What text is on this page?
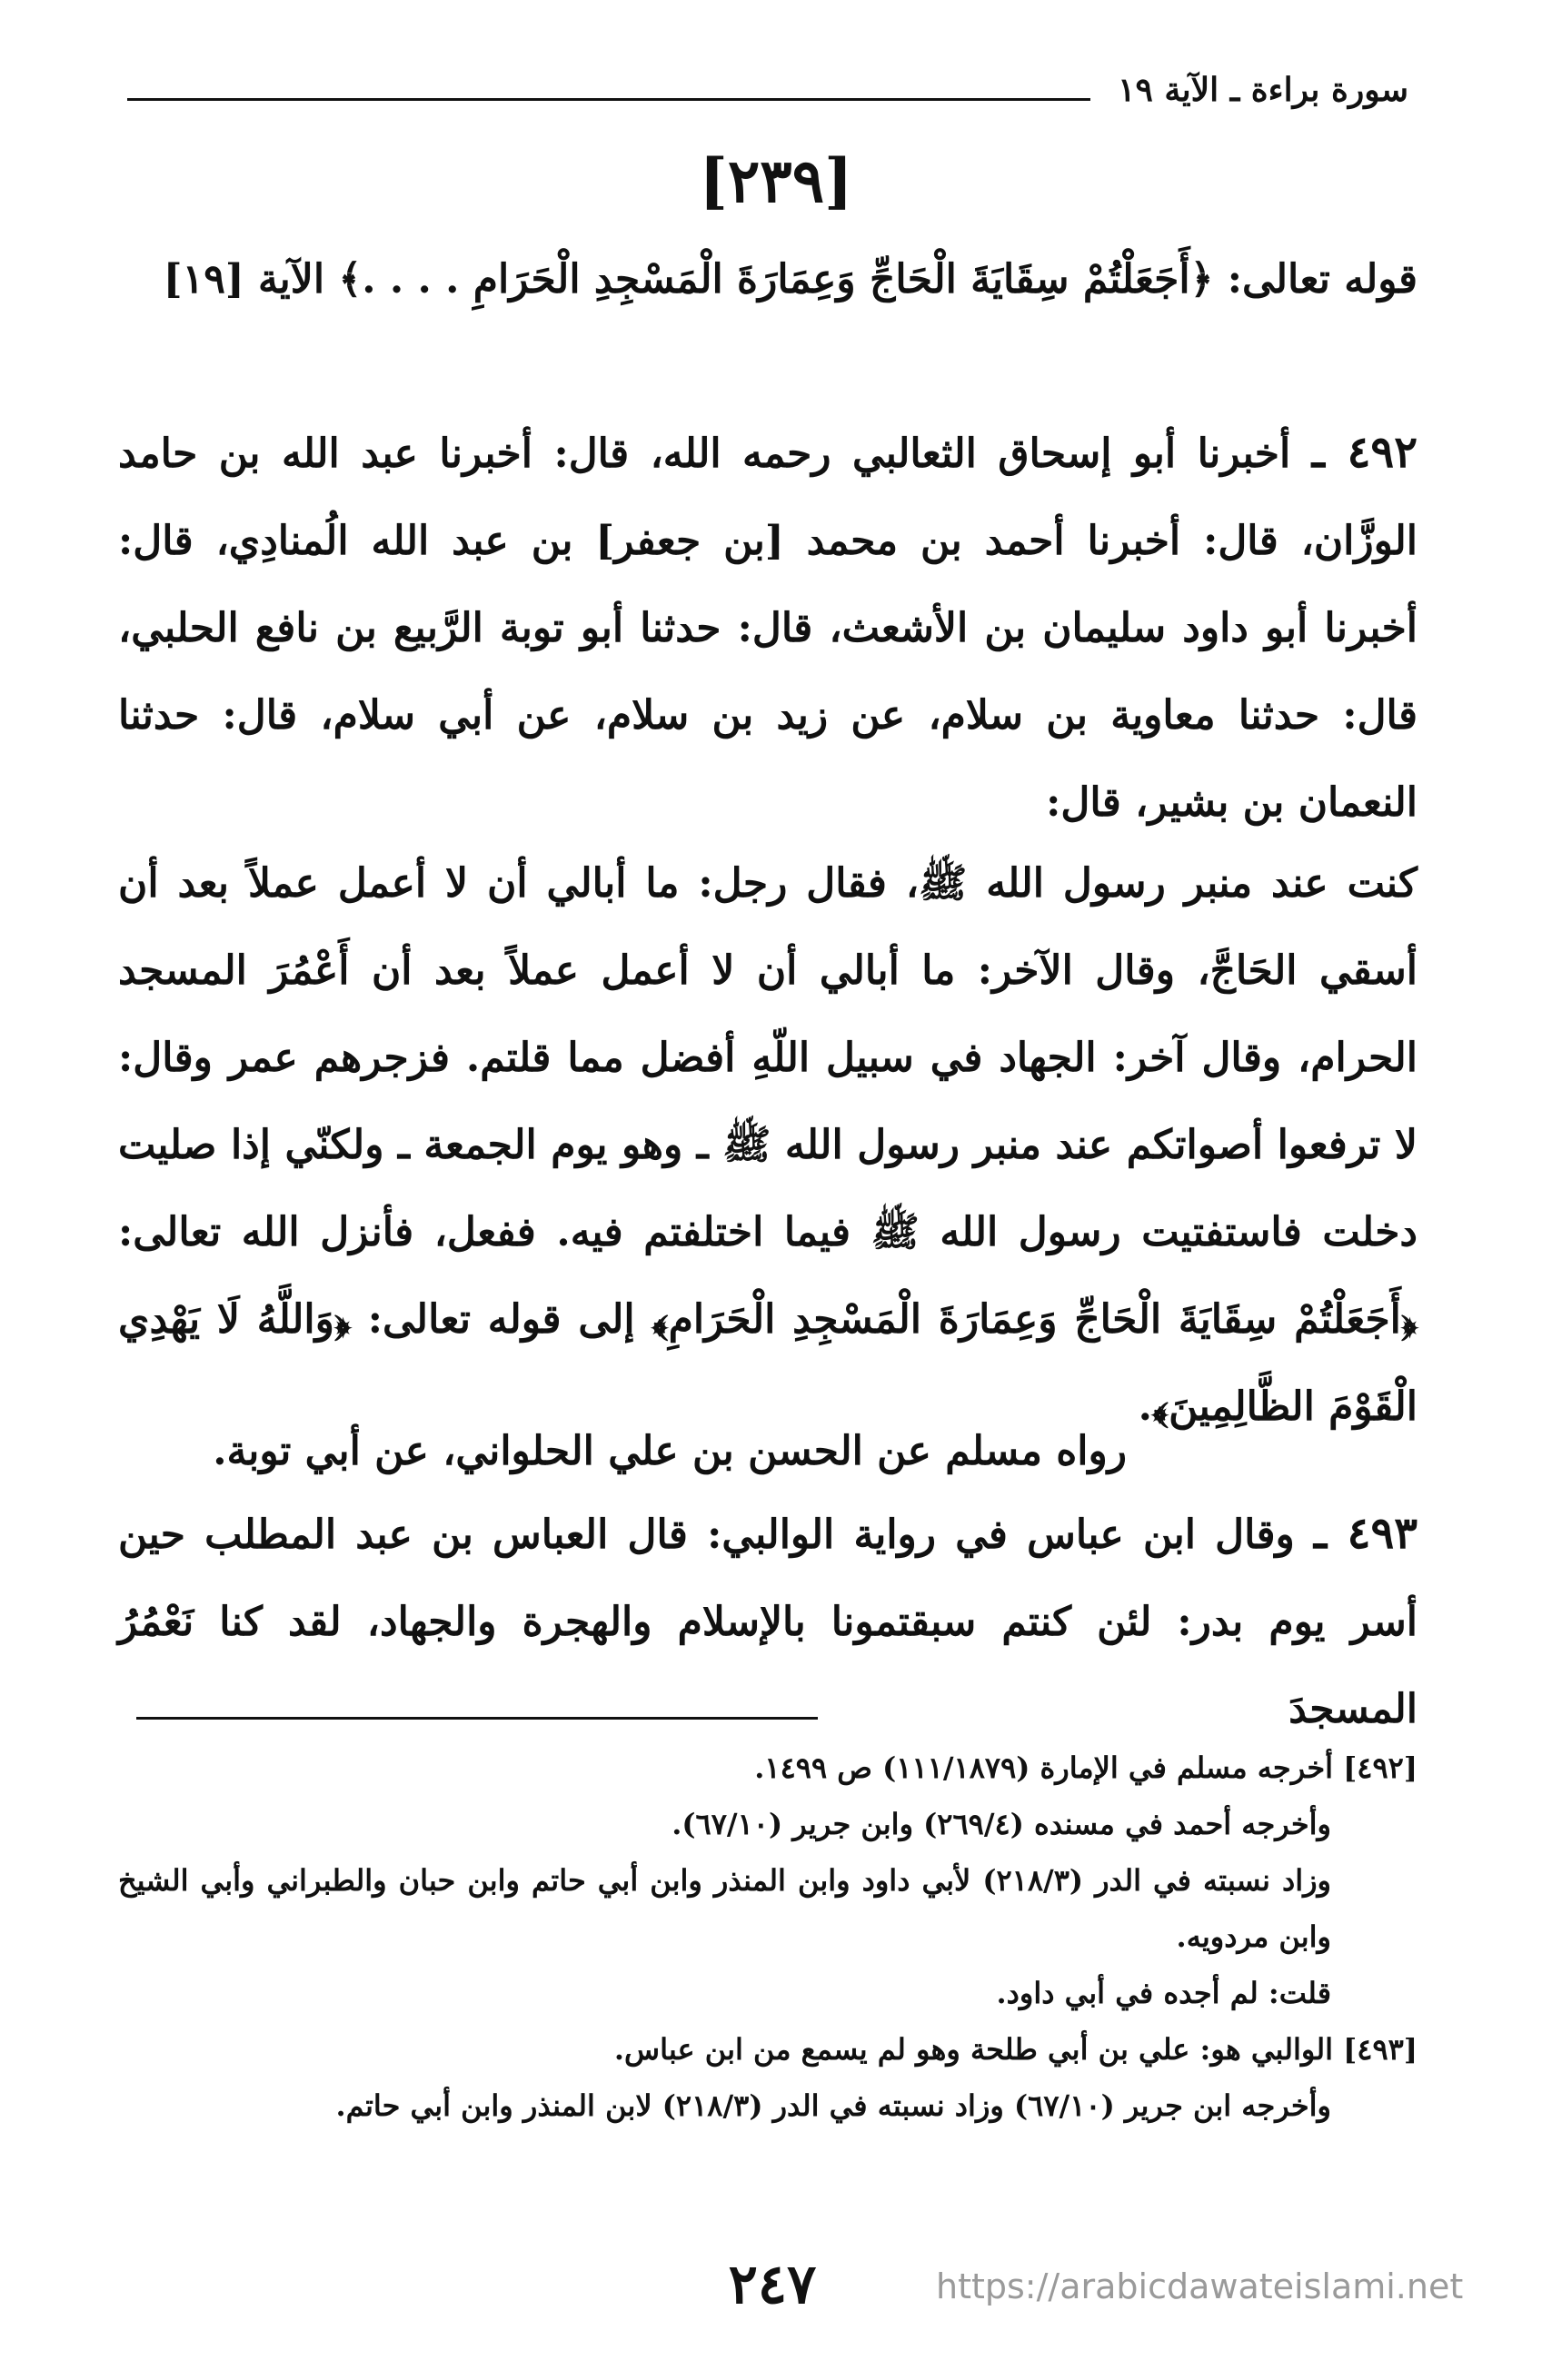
سورة براءة ـ الآية ١٩
[٢٣٩]
قوله تعالى: ﴿أَجَعَلْتُمْ سِقَايَةَ الْحَاجِّ وَعِمَارَةَ الْمَسْجِدِ الْحَرَامِ . . . .﴾ الآية [١٩]
٤٩٢ ـ أخبرنا أبو إسحاق الثعالبي رحمه الله، قال: أخبرنا عبد الله بن حامد الوزَّان، قال: أخبرنا أحمد بن محمد [بن جعفر] بن عبد الله الُمنادِي، قال: أخبرنا أبو داود سليمان بن الأشعث، قال: حدثنا أبو توبة الرَّبيع بن نافع الحلبي، قال: حدثنا معاوية بن سلام، عن زيد بن سلام، عن أبي سلام، قال: حدثنا النعمان بن بشير، قال:
كنت عند منبر رسول الله ﷺ، فقال رجل: ما أبالي أن لا أعمل عملاً بعد أن أسقي الحَاجَّ، وقال الآخر: ما أبالي أن لا أعمل عملاً بعد أن أَعْمُرَ المسجد الحرام، وقال آخر: الجهاد في سبيل اللّهِ أفضل مما قلتم. فزجرهم عمر وقال: لا ترفعوا أصواتكم عند منبر رسول الله ﷺ ـ وهو يوم الجمعة ـ ولكنّي إذا صليت دخلت فاستفتيت رسول الله ﷺ فيما اختلفتم فيه. ففعل، فأنزل الله تعالى: ﴿أَجَعَلْتُمْ سِقَايَةَ الْحَاجِّ وَعِمَارَةَ الْمَسْجِدِ الْحَرَامِ﴾ إلى قوله تعالى: ﴿وَاللَّهُ لَا يَهْدِي الْقَوْمَ الظَّالِمِينَ﴾.
رواه مسلم عن الحسن بن علي الحلواني، عن أبي توبة.
٤٩٣ ـ وقال ابن عباس في رواية الوالبي: قال العباس بن عبد المطلب حين أسر يوم بدر: لئن كنتم سبقتمونا بالإسلام والهجرة والجهاد، لقد كنا نَعْمُرُ المسجدَ
[٤٩٢] أخرجه مسلم في الإمارة (١١١/١٨٧٩) ص ١٤٩٩.
وأخرجه أحمد في مسنده (٢٦٩/٤) وابن جرير (٦٧/١٠).
وزاد نسبته في الدر (٢١٨/٣) لأبي داود وابن المنذر وابن أبي حاتم وابن حبان والطبراني وأبي الشيخ وابن مردويه.
قلت: لم أجده في أبي داود.
[٤٩٣] الوالبي هو: علي بن أبي طلحة وهو لم يسمع من ابن عباس.
وأخرجه ابن جرير (٦٧/١٠) وزاد نسبته في الدر (٢١٨/٣) لابن المنذر وابن أبي حاتم.
٢٤٧	https://arabicdawateislami.net
